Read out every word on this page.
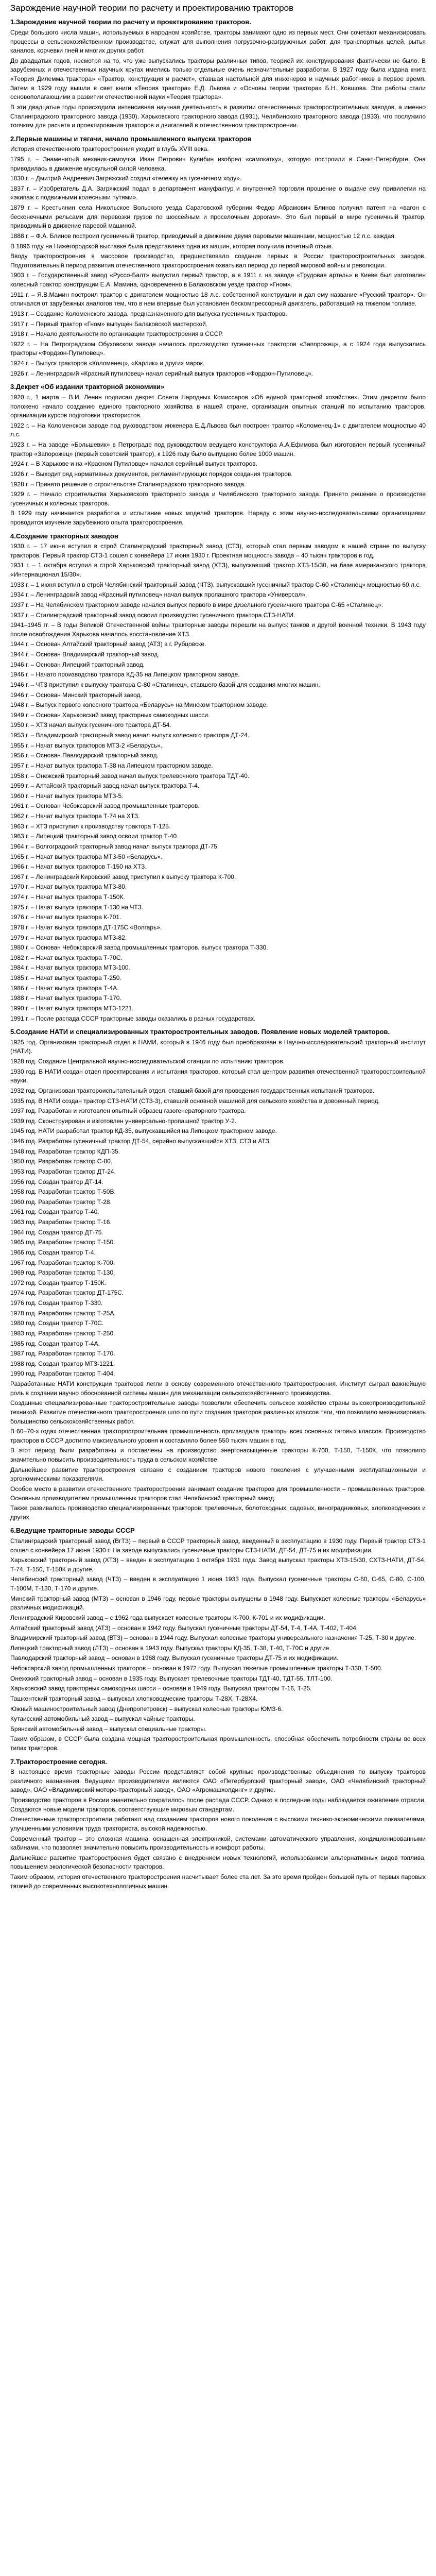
Зарождение научной теории по расчету и проектированию тракторов
1.Зарождение научной теории по расчету и проектированию тракторов.

Среди большого числа машин, используемых в народном хозяйстве, тракторы занимают одно из первых мест. Они сочетают механизировать процессы в сельскохозяйственном производстве, служат для выполнения погрузочно-разгрузочных работ, для транспортных целей, рытья каналов, корчевки пней и многих других работ.

До двадцатых годов, несмотря на то, что уже выпускались тракторы различных типов, теорией их конструирования фактически не было. В зарубежных и отечественных научных кругах имелись только отдельные очень незначительные разработки. В 1927 году была издана книга «Теория Дилемма трактора» «Трактор, конструкция и расчет», ставшая настольной для инженеров и научных работников в первое время. Затем в 1929 году вышли в свет книги «Теория трактора» Е.Д. Львова и «Основы теории трактора» Б.Н. Ковшова. Эти работы стали основополагающими в развитии отечественной науки «Теория трактора».

В эти двадцатые годы происходила интенсивная научная деятельность в развитии отечественных тракторостроительных заводов, а именно Сталинградского тракторного завода (1930), Харьковского тракторного завода (1931), Челябинского тракторного завода (1933), что послужило толчком для расчета и проектирования тракторов и двигателей в отечественном тракторостроении.

2.Первые машины и тягачи, начало промышленного выпуска тракторов

История отечественного тракторостроения уходит в глубь XVIII века.

1795 г. – Знаменитый механик-самоучка Иван Петрович Кулибин изобрел «самокатку», которую построили в Санкт-Петербурге. Она приводилась в движение мускульной силой человека.

1830 г. – Дмитрий Андреевич Загряжский создал «тележку на гусеничном ходу».

1837 г. – Изобретатель Д.А. Загряжский подал в департамент мануфактур и внутренней торговли прошение о выдаче ему привилегии на «экипаж с подвижными колесными путями».

1879 г. – Крестьянин села Никольское Вольского уезда Саратовской губернии Федор Абрамович Блинов получил патент на «вагон с бесконечными рельсами для перевозки грузов по шоссейным и проселочным дорогам». Это был первый в мире гусеничный трактор, приводимый в движение паровой машиной.

1888 г. – Ф.А. Блинов построил гусеничный трактор, приводимый в движение двумя паровыми машинами, мощностью 12 л.с. каждая.

В 1896 году на Нижегородской выставке была представлена одна из машин, которая получила почетный отзыв.

Вводу тракторостроения в массовое производство, предшествовало создание первых в России тракторостроительных заводов. Подготовительный период развития отечественного тракторостроения охватывал период до первой мировой войны и революции.

1903 г. – Государственный завод «Руссо-Балт» выпустил первый трактор, а в 1911 г. на заводе «Трудовая артель» в Киеве был изготовлен колесный трактор конструкции Е.А. Мамина, одновременно в Балаковском уезде трактор «Гном».

1911 г. – Я.В.Мамин построил трактор с двигателем мощностью 18 л.с. собственной конструкции и дал ему название «Русский трактор». Он отличался от зарубежных аналогов тем, что в нем впервые был установлен бескомпрессорный двигатель, работавший на тяжелом топливе.

1913 г. – Создание Коломенского завода, предназначенного для выпуска гусеничных тракторов.

1917 г. – Первый трактор «Гном» выпущен Балаковской мастерской.

1918 г. – Начало деятельности по организации тракторостроения в СССР.

1922 г. – На Петроградском Обуховском заводе началось производство гусеничных тракторов «Запорожец», а с 1924 года выпускались тракторы «Фордзон-Путиловец».

1924 г. – Выпуск тракторов «Коломенец», «Карлик» и других марок.

1926 г. – Ленинградский «Красный путиловец» начал серийный выпуск тракторов «Фордзон-Путиловец».

3.Декрет «Об издании тракторной экономики»

1920 г., 1 марта – В.И. Ленин подписал декрет Совета Народных Комиссаров «Об единой тракторной хозяйстве». Этим декретом было положено начало созданию единого тракторного хозяйства в нашей стране, организации опытных станций по испытанию тракторов, организации курсов подготовки трактористов.

1922 г. – На Коломенском заводе под руководством инженера Е.Д.Львова был построен трактор «Коломенец-1» с двигателем мощностью 40 л.с.

1923 г. – На заводе «Большевик» в Петрограде под руководством ведущего конструктора А.А.Ефимова был изготовлен первый гусеничный трактор «Запорожец» (первый советский трактор), к 1926 году было выпущено более 1000 машин.

1924 г. – В Харькове и на «Красном Путиловце» начался серийный выпуск тракторов.

1926 г. – Выходит ряд нормативных документов, регламентирующих порядок создания тракторов.

1928 г. – Принято решение о строительстве Сталинградского тракторного завода.

1929 г. – Начало строительства Харьковского тракторного завода и Челябинского тракторного завода. Принято решение о производстве гусеничных и колесных тракторов.

В 1929 году начинается разработка и испытание новых моделей тракторов. Наряду с этим научно-исследовательскими организациями проводится изучение зарубежного опыта тракторостроения.

4.Создание тракторных заводов

1930 г. – 17 июня вступил в строй Сталинградский тракторный завод (СТЗ), который стал первым заводом в нашей стране по выпуску тракторов. Первый трактор СТЗ-1 сошел с конвейера 17 июня 1930 г. Проектная мощность завода – 40 тысяч тракторов в год.

1931 г. – 1 октября вступил в строй Харьковский тракторный завод (ХТЗ), выпускавший трактор ХТЗ-15/30, на базе американского трактора «Интернационал 15/30».

1933 г. – 1 июня вступил в строй Челябинский тракторный завод (ЧТЗ), выпускавший гусеничный трактор С-60 «Сталинец» мощностью 60 л.с.

1934 г. – Ленинградский завод «Красный путиловец» начал выпуск пропашного трактора «Универсал».

1937 г. – На Челябинском тракторном заводе начался выпуск первого в мире дизельного гусеничного трактора С-65 «Сталинец».

1937 г. – Сталинградский тракторный завод освоил производство гусеничного трактора СТЗ-НАТИ.

1941–1945 гг. – В годы Великой Отечественной войны тракторные заводы перешли на выпуск танков и другой военной техники. В 1943 году после освобождения Харькова началось восстановление ХТЗ.

1944 г. – Основан Алтайский тракторный завод (АТЗ) в г. Рубцовске.

1944 г. – Основан Владимирский тракторный завод.

1946 г. – Основан Липецкий тракторный завод.

1946 г. – Начато производство трактора КД-35 на Липецком тракторном заводе.

1946 г. – ЧТЗ приступил к выпуску трактора С-80 «Сталинец», ставшего базой для создания многих машин.

1946 г. – Основан Минский тракторный завод.

1948 г. – Выпуск первого колесного трактора «Беларусь» на Минском тракторном заводе.

1949 г. – Основан Харьковский завод тракторных самоходных шасси.

1950 г. – ХТЗ начал выпуск гусеничного трактора ДТ-54.

1953 г. – Владимирский тракторный завод начал выпуск колесного трактора ДТ-24.

1955 г. – Начат выпуск тракторов МТЗ-2 «Беларусь».

1956 г. – Основан Павлодарский тракторный завод.

1957 г. – Начат выпуск трактора Т-38 на Липецком тракторном заводе.

1958 г. – Онежский тракторный завод начал выпуск трелевочного трактора ТДТ-40.

1959 г. – Алтайский тракторный завод начал выпуск трактора Т-4.

1960 г. – Начат выпуск трактора МТЗ-5.

1961 г. – Основан Чебоксарский завод промышленных тракторов.

1962 г. – Начат выпуск трактора Т-74 на ХТЗ.

1963 г. – ХТЗ приступил к производству трактора Т-125.

1963 г. – Липецкий тракторный завод освоил трактор Т-40.

1964 г. – Волгоградский тракторный завод начал выпуск трактора ДТ-75.

1965 г. – Начат выпуск трактора МТЗ-50 «Беларусь».

1966 г. – Начат выпуск тракторов Т-150 на ХТЗ.

1967 г. – Ленинградский Кировский завод приступил к выпуску трактора К-700.

1970 г. – Начат выпуск трактора МТЗ-80.

1974 г. – Начат выпуск трактора Т-150К.

1975 г. – Начат выпуск трактора Т-130 на ЧТЗ.

1976 г. – Начат выпуск трактора К-701.

1978 г. – Начат выпуск трактора ДТ-175С «Волгарь».

1979 г. – Начат выпуск трактора МТЗ-82.

1980 г. – Основан Чебоксарский завод промышленных тракторов, выпуск трактора Т-330.

1982 г. – Начат выпуск трактора Т-70С.

1984 г. – Начат выпуск трактора МТЗ-100.

1985 г. – Начат выпуск трактора Т-250.

1986 г. – Начат выпуск трактора Т-4А.

1988 г. – Начат выпуск трактора Т-170.

1990 г. – Начат выпуск трактора МТЗ-1221.

1991 г. – После распада СССР тракторные заводы оказались в разных государствах.

5.Создание НАТИ и специализированных тракторостроительных заводов. Появление новых моделей тракторов.

1925 год. Организован тракторный отдел в НАМИ, который в 1946 году был преобразован в Научно-исследовательский тракторный институт (НАТИ).

1928 год. Создание Центральной научно-исследовательской станции по испытанию тракторов.

1930 год. В НАТИ создан отдел проектирования и испытания тракторов, который стал центром развития отечественной тракторостроительной науки.

1932 год. Организован трактороиспытательный отдел, ставший базой для проведения государственных испытаний тракторов.

1935 год. В НАТИ создан трактор СТЗ-НАТИ (СТЗ-3), ставший основной машиной для сельского хозяйства в довоенный период.

1937 год. Разработан и изготовлен опытный образец газогенераторного трактора.

1939 год. Сконструирован и изготовлен универсально-пропашной трактор У-2.

1945 год. НАТИ разработал трактор КД-35, выпускавшийся на Липецком тракторном заводе.

1946 год. Разработан гусеничный трактор ДТ-54, серийно выпускавшийся ХТЗ, СТЗ и АТЗ.

1948 год. Разработан трактор КДП-35.

1950 год. Разработан трактор С-80.

1953 год. Разработан трактор ДТ-24.

1956 год. Создан трактор ДТ-14.

1958 год. Разработан трактор Т-50В.

1960 год. Разработан трактор Т-28.

1961 год. Создан трактор Т-40.

1963 год. Разработан трактор Т-16.

1964 год. Создан трактор ДТ-75.

1965 год. Разработан трактор Т-150.

1966 год. Создан трактор Т-4.

1967 год. Разработан трактор К-700.

1969 год. Разработан трактор Т-130.

1972 год. Создан трактор Т-150К.

1974 год. Разработан трактор ДТ-175С.

1976 год. Создан трактор Т-330.

1978 год. Разработан трактор Т-25А.

1980 год. Создан трактор Т-70С.

1983 год. Разработан трактор Т-250.

1985 год. Создан трактор Т-4А.

1987 год. Разработан трактор Т-170.

1988 год. Создан трактор МТЗ-1221.

1990 год. Разработан трактор Т-404.

Разработанные НАТИ конструкции тракторов легли в основу современного отечественного тракторостроения. Институт сыграл важнейшую роль в создании научно обоснованной системы машин для механизации сельскохозяйственного производства.

Созданные специализированные тракторостроительные заводы позволили обеспечить сельское хозяйство страны высокопроизводительной техникой. Развитие отечественного тракторостроения шло по пути создания тракторов различных классов тяги, что позволило механизировать большинство сельскохозяйственных работ.

В 60–70-х годах отечественная тракторостроительная промышленность производила тракторы всех основных тяговых классов. Производство тракторов в СССР достигло максимального уровня и составляло более 550 тысяч машин в год.

В этот период были разработаны и поставлены на производство энергонасыщенные тракторы К-700, Т-150, Т-150К, что позволило значительно повысить производительность труда в сельском хозяйстве.

Дальнейшее развитие тракторостроения связано с созданием тракторов нового поколения с улучшенными эксплуатационными и эргономическими показателями.

Особое место в развитии отечественного тракторостроения занимает создание тракторов для промышленности – промышленных тракторов. Основным производителем промышленных тракторов стал Челябинский тракторный завод.

Также развивалось производство специализированных тракторов: трелевочных, болотоходных, садовых, виноградниковых, хлопководческих и других.

6.Ведущие тракторные заводы СССР

Сталинградский тракторный завод (ВгТЗ) – первый в СССР тракторный завод, введенный в эксплуатацию в 1930 году. Первый трактор СТЗ-1 сошел с конвейера 17 июня 1930 г. На заводе выпускались гусеничные тракторы СТЗ-НАТИ, ДТ-54, ДТ-75 и их модификации.

Харьковский тракторный завод (ХТЗ) – введен в эксплуатацию 1 октября 1931 года. Завод выпускал тракторы ХТЗ-15/30, СХТЗ-НАТИ, ДТ-54, Т-74, Т-150, Т-150К и другие.

Челябинский тракторный завод (ЧТЗ) – введен в эксплуатацию 1 июня 1933 года. Выпускал гусеничные тракторы С-60, С-65, С-80, С-100, Т-100М, Т-130, Т-170 и другие.

Минский тракторный завод (МТЗ) – основан в 1946 году, первые тракторы выпущены в 1948 году. Выпускает колесные тракторы «Беларусь» различных модификаций.

Ленинградский Кировский завод – с 1962 года выпускает колесные тракторы К-700, К-701 и их модификации.

Алтайский тракторный завод (АТЗ) – основан в 1942 году. Выпускал гусеничные тракторы ДТ-54, Т-4, Т-4А, Т-402, Т-404.

Владимирский тракторный завод (ВТЗ) – основан в 1944 году. Выпускал колесные тракторы универсального назначения Т-25, Т-30 и другие.

Липецкий тракторный завод (ЛТЗ) – основан в 1943 году. Выпускал тракторы КД-35, Т-38, Т-40, Т-70С и другие.

Павлодарский тракторный завод – основан в 1968 году. Выпускал гусеничные тракторы ДТ-75 и их модификации.

Чебоксарский завод промышленных тракторов – основан в 1972 году. Выпускал тяжелые промышленные тракторы Т-330, Т-500.

Онежский тракторный завод – основан в 1935 году. Выпускает трелевочные тракторы ТДТ-40, ТДТ-55, ТЛТ-100.

Харьковский завод тракторных самоходных шасси – основан в 1949 году. Выпускал тракторы Т-16, Т-25.

Ташкентский тракторный завод – выпускал хлопководческие тракторы Т-28Х, Т-28Х4.

Южный машиностроительный завод (Днепропетровск) – выпускал колесные тракторы ЮМЗ-6.

Кутаисский автомобильный завод – выпускал чайные тракторы.

Брянский автомобильный завод – выпускал специальные тракторы.

Таким образом, в СССР была создана мощная тракторостроительная промышленность, способная обеспечить потребности страны во всех типах тракторов.

7.Тракторостроение сегодня.

В настоящее время тракторные заводы России представляют собой крупные производственные объединения по выпуску тракторов различного назначения. Ведущими производителями являются ОАО «Петербургский тракторный завод», ОАО «Челябинский тракторный завод», ОАО «Владимирский моторо-тракторный завод», ОАО «Агромашхолдинг» и другие.

Производство тракторов в России значительно сократилось после распада СССР. Однако в последние годы наблюдается оживление отрасли. Создаются новые модели тракторов, соответствующие мировым стандартам.

Отечественные тракторостроители работают над созданием тракторов нового поколения с высокими технико-экономическими показателями, улучшенными условиями труда тракториста, высокой надежностью.

Современный трактор – это сложная машина, оснащенная электроникой, системами автоматического управления, кондиционированными кабинами, что позволяет значительно повысить производительность и комфорт работы.

Дальнейшее развитие тракторостроения будет связано с внедрением новых технологий, использованием альтернативных видов топлива, повышением экологической безопасности тракторов.

Таким образом, история отечественного тракторостроения насчитывает более ста лет. За это время пройден большой путь от первых паровых тягачей до современных высокотехнологичных машин.
